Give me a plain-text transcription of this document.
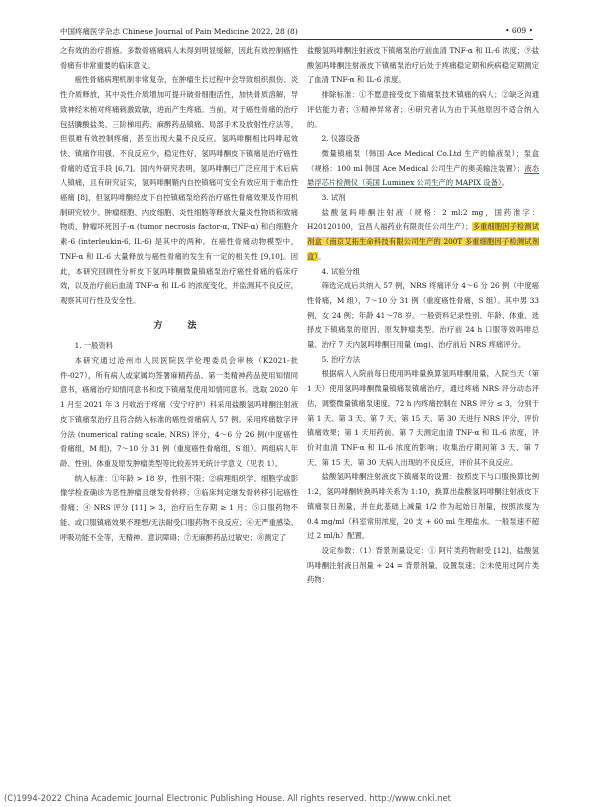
中国疼痛医学杂志 Chinese Journal of Pain Medicine 2022, 28 (8)	• 609 •

之有效的治疗措施。多数骨癌痛病人未得到明显缓解，因此有效控制癌性骨痛有非常重要的临床意义。

癌性骨痛病理机制非常复杂，在肿瘤生长过程中会导致组织损伤、炎性介质释放，其中炎性介质增加可提升破骨细胞活性，加快骨质溶解，导致神经末梢对疼痛刺激致敏，进而产生疼痛。当前，对于癌性骨痛的治疗包括膦酸盐类、三阶梯用药、麻醉药品镇痛、局部手术及放射性疗法等，但很难有效控制疼痛，甚至出现大量不良反应。氢吗啡酮相比吗啡起效快、镇痛作用强、不良反应少，稳定性好，氢吗啡酮皮下镇痛是治疗癌性骨痛的适宜手段 [6,7]。国内外研究表明，氢吗啡酮已广泛应用于术后病人镇痛，且有研究证实，氢吗啡酮鞘内自控镇痛可安全有效应用于难治性癌痛 [8]，但氢吗啡酮经皮下自控镇痛泵给药治疗癌性骨痛效果及作用机制研究较少。肿瘤细胞、内皮细胞、炎性细胞等释放大量炎性物质和致痛物质，肿瘤坏死因子-α (tumor necrosis factor-α, TNF-α) 和白细胞介素-6 (interleukin-6, IL-6) 是其中的两种。在癌性骨痛动物模型中，TNF-α 和 IL-6 大量释放与癌性骨痛的发生有一定的相关性 [9,10]。因此，本研究回顾性分析皮下氢吗啡酮微量镇痛泵治疗癌性骨痛的临床疗效，以及治疗前后血清 TNF-α 和 IL-6 的浓度变化，并监测其不良反应，观察其可行性及安全性。

方　法

1. 一般资料

本研究通过沧州市人民医院医学伦理委员会审核（K2021-批件-027），所有病人或家属均签署麻精药品、第一类精神药品使用知情同意书，癌痛治疗知情同意书和皮下镇痛泵使用知情同意书。选取 2020 年 1 月至 2021 年 3 月收治于疼痛（安宁疗护）科采用盐酸氢吗啡酮注射液皮下镇痛泵治疗且符合纳入标准的癌性骨痛病人 57 例。采用疼痛数字评分法 (numerical rating scale, NRS) 评分，4～6 分 26 例(中度癌性骨痛组，M 组)，7～10 分 31 例（重度癌性骨痛组，S 组）。两组病人年龄、性别、体重及原发肿瘤类型等比较差异无统计学意义（见表 1）。

纳入标准：①年龄 > 18 岁，性别不限；②病理组织学、细胞学或影像学检查确诊为恶性肿瘤且继发骨转移；③临床判定继发骨转移引起癌性骨痛；④ NRS 评分 [11] > 3，治疗后生存期 ≥ 1 月；⑤口服药物不能、或口服镇痛效果不理想/无法耐受口服药物不良反应；⑥无严重感染、呼吸功能不全等，无精神、意识障碍；⑦无麻醉药品过敏史；⑧测定了

盐酸氢吗啡酮注射液皮下镇痛泵治疗前血清 TNF-α 和 IL-6 浓度；⑨盐酸氢吗啡酮注射液皮下镇痛泵治疗后处于疼痛稳定期和疾病稳定期测定了血清 TNF-α 和 IL-6 浓度。

排除标准：①不愿意接受皮下镇痛泵技术镇痛的病人；②缺乏沟通评估能力者；③精神异常者；④研究者认为由于其他原因不适合纳入的。

2. 仪器设备

微量镇痛泵（韩国 Ace Medical Co.Ltd 生产的输液泵）；泵盒（规格：100 ml 韩国 Ace Medical 公司生产的奥美输注装置）；液态悬浮芯片检测仪（美国 Luminex 公司生产的 MAPIX 设备）。

3. 试剂

盐酸氢吗啡酮注射液（规格：2 ml:2 mg，国药准字：H20120100，宜昌人福药业有限责任公司生产）；多重细胞因子检测试剂盒（南京艾拓生命科技有限公司生产的 200T 多重细胞因子检测试剂盒）。

4. 试验分组

筛选完成后共纳入 57 例，NRS 疼痛评分 4～6 分 26 例（中度癌性骨痛，M 组），7～10 分 31 例（重度癌性骨痛，S 组）。其中男 33 例，女 24 例；年龄 41～78 岁。一般资料记录性别、年龄、体重、选择皮下镇痛泵的原因、原发肿瘤类型、治疗前 24 h 口服等效吗啡总量、治疗 7 天内氢吗啡酮日用量 (mg)、治疗前后 NRS 疼痛评分。

5. 治疗方法

根据病人入院前每日使用吗啡量换算氢吗啡酮用量，入院当天（第 1 天）使用氢吗啡酮微量镇痛泵镇痛治疗，通过疼痛 NRS 评分动态评估，调整微量镇痛泵速度，72 h 内疼痛控制在 NRS 评分 ≤ 3，分别于第 1 天、第 3 天、第 7 天、第 15 天、第 30 天进行 NRS 评分，评价镇痛效果；第 1 天用药前、第 7 天测定血清 TNF-α 和 IL-6 浓度，评价对血清 TNF-α 和 IL-6 浓度的影响；收集治疗期间第 3 天、第 7 天、第 15 天、第 30 天病人出现的不良反应，评价其不良反应。

盐酸氢吗啡酮注射液皮下镇痛泵的设置：按照皮下与口服换算比例 1:2，氢吗啡酮转换吗啡关系为 1:10，换算出盐酸氢吗啡酮注射液皮下镇痛泵日剂量，并在此基础上减量 1/2 作为起始日剂量，按照浓度为 0.4 mg/ml（科室常用浓度，20 支 + 60 ml 生理盐水。一般泵速不超过 2 ml/h）配置。

设定参数：（1）背景剂量设定：① 阿片类药物耐受 [12]，盐酸氢吗啡酮注射液日剂量 ÷ 24 = 背景剂量，设置泵速；②未使用过阿片类药物：

(C)1994-2022 China Academic Journal Electronic Publishing House. All rights reserved. http://www.cnki.net
